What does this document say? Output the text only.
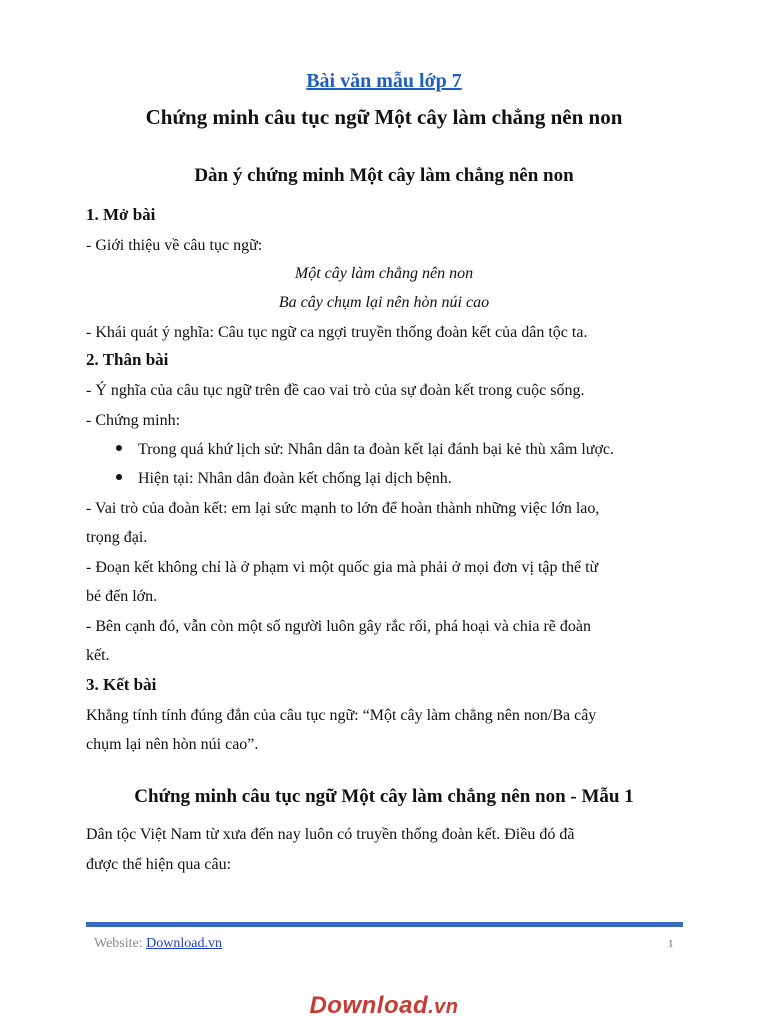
Bài văn mẫu lớp 7
Chứng minh câu tục ngữ Một cây làm chẳng nên non
Dàn ý chứng minh Một cây làm chẳng nên non
1. Mở bài
- Giới thiệu về câu tục ngữ:
Một cây làm chẳng nên non
Ba cây chụm lại nên hòn núi cao
- Khái quát ý nghĩa: Câu tục ngữ ca ngợi truyền thống đoàn kết của dân tộc ta.
2. Thân bài
- Ý nghĩa của câu tục ngữ trên đề cao vai trò của sự đoàn kết trong cuộc sống.
- Chứng minh:
Trong quá khứ lịch sử: Nhân dân ta đoàn kết lại đánh bại kẻ thù xâm lược.
Hiện tại: Nhân dân đoàn kết chống lại dịch bệnh.
- Vai trò của đoàn kết: em lại sức mạnh to lớn để hoàn thành những việc lớn lao,
trọng đại.
- Đoạn kết không chỉ là ở phạm vi một quốc gia mà phải ở mọi đơn vị tập thể từ
bé đến lớn.
- Bên cạnh đó, vẫn còn một số người luôn gây rắc rối, phá hoại và chia rẽ đoàn
kết.
3. Kết bài
Khẳng tính tính đúng đắn của câu tục ngữ: “Một cây làm chẳng nên non/Ba cây
chụm lại nên hòn núi cao”.
Chứng minh câu tục ngữ Một cây làm chẳng nên non - Mẫu 1
Dân tộc Việt Nam từ xưa đến nay luôn có truyền thống đoàn kết. Điều đó đã
được thể hiện qua câu:
Website: Download.vn	1
Download.vn
